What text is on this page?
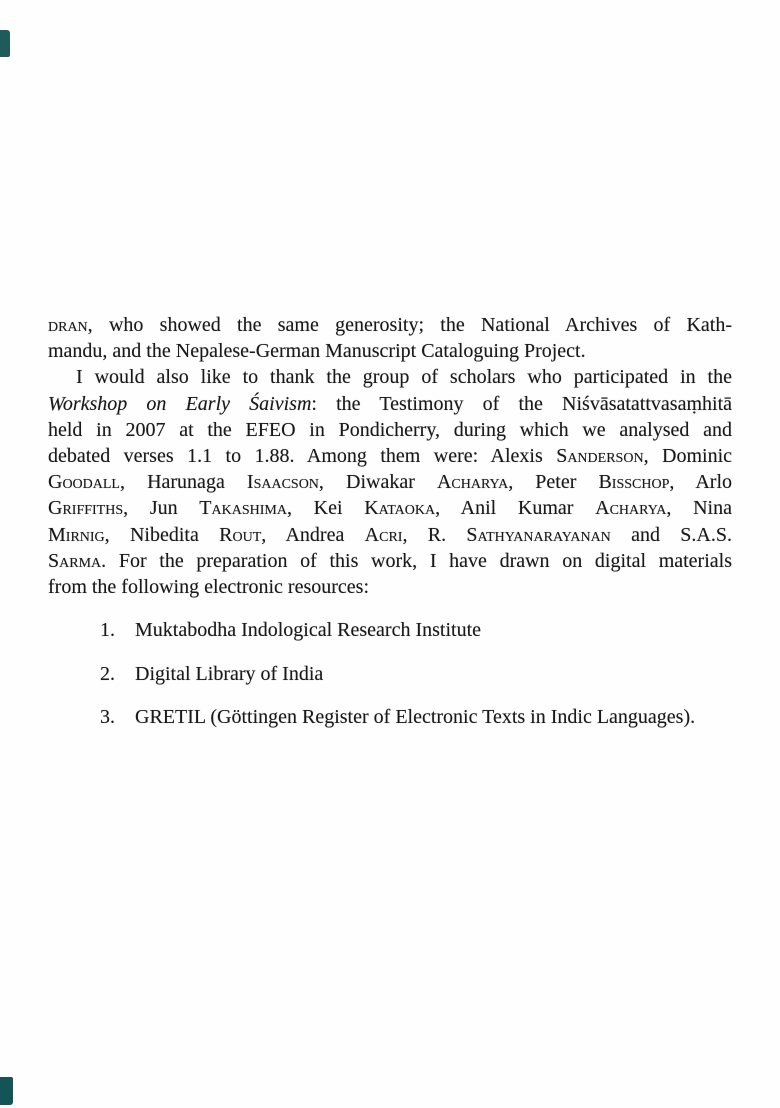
dran, who showed the same generosity; the National Archives of Kath-
mandu, and the Nepalese-German Manuscript Cataloguing Project.
I would also like to thank the group of scholars who participated in the
Workshop on Early Śaivism: the Testimony of the Niśvāsatattvasaṃhitā
held in 2007 at the EFEO in Pondicherry, during which we analysed and
debated verses 1.1 to 1.88. Among them were: Alexis Sanderson, Dominic
Goodall, Harunaga Isaacson, Diwakar Acharya, Peter Bisschop, Arlo
Griffiths, Jun Takashima, Kei Kataoka, Anil Kumar Acharya, Nina
Mirnig, Nibedita Rout, Andrea Acri, R. Sathyanarayanan and S.A.S.
Sarma. For the preparation of this work, I have drawn on digital materials
from the following electronic resources:
1. Muktabodha Indological Research Institute
2. Digital Library of India
3. GRETIL (Göttingen Register of Electronic Texts in Indic Languages).
